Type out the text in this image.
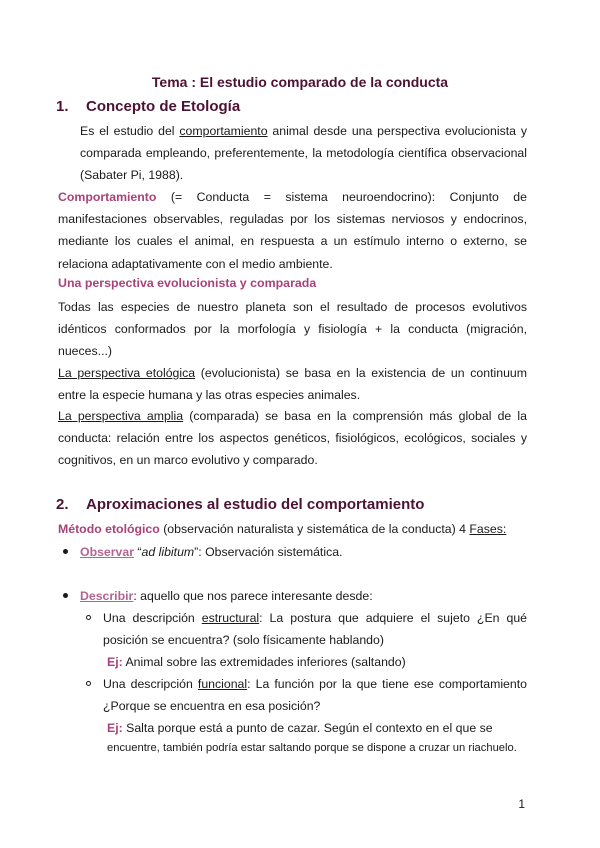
Tema : El estudio comparado de la conducta
1. Concepto de Etología
Es el estudio del comportamiento animal desde una perspectiva evolucionista y comparada empleando, preferentemente, la metodología científica observacional (Sabater Pi, 1988).
Comportamiento (= Conducta = sistema neuroendocrino): Conjunto de manifestaciones observables, reguladas por los sistemas nerviosos y endocrinos, mediante los cuales el animal, en respuesta a un estímulo interno o externo, se relaciona adaptativamente con el medio ambiente.
Una perspectiva evolucionista y comparada
Todas las especies de nuestro planeta son el resultado de procesos evolutivos idénticos conformados por la morfología y fisiología + la conducta (migración, nueces...)
La perspectiva etológica (evolucionista) se basa en la existencia de un continuum entre la especie humana y las otras especies animales.
La perspectiva amplia (comparada) se basa en la comprensión más global de la conducta: relación entre los aspectos genéticos, fisiológicos, ecológicos, sociales y cognitivos, en un marco evolutivo y comparado.
2. Aproximaciones al estudio del comportamiento
Método etológico (observación naturalista y sistemática de la conducta) 4 Fases:
Observar “ad libitum”: Observación sistemática.
Describir: aquello que nos parece interesante desde:
Una descripción estructural: La postura que adquiere el sujeto ¿En qué posición se encuentra? (solo físicamente hablando)
Ej: Animal sobre las extremidades inferiores (saltando)
Una descripción funcional: La función por la que tiene ese comportamiento ¿Porque se encuentra en esa posición?
Ej: Salta porque está a punto de cazar. Según el contexto en el que se
encuentre, también podría estar saltando porque se dispone a cruzar un riachuelo.
1
